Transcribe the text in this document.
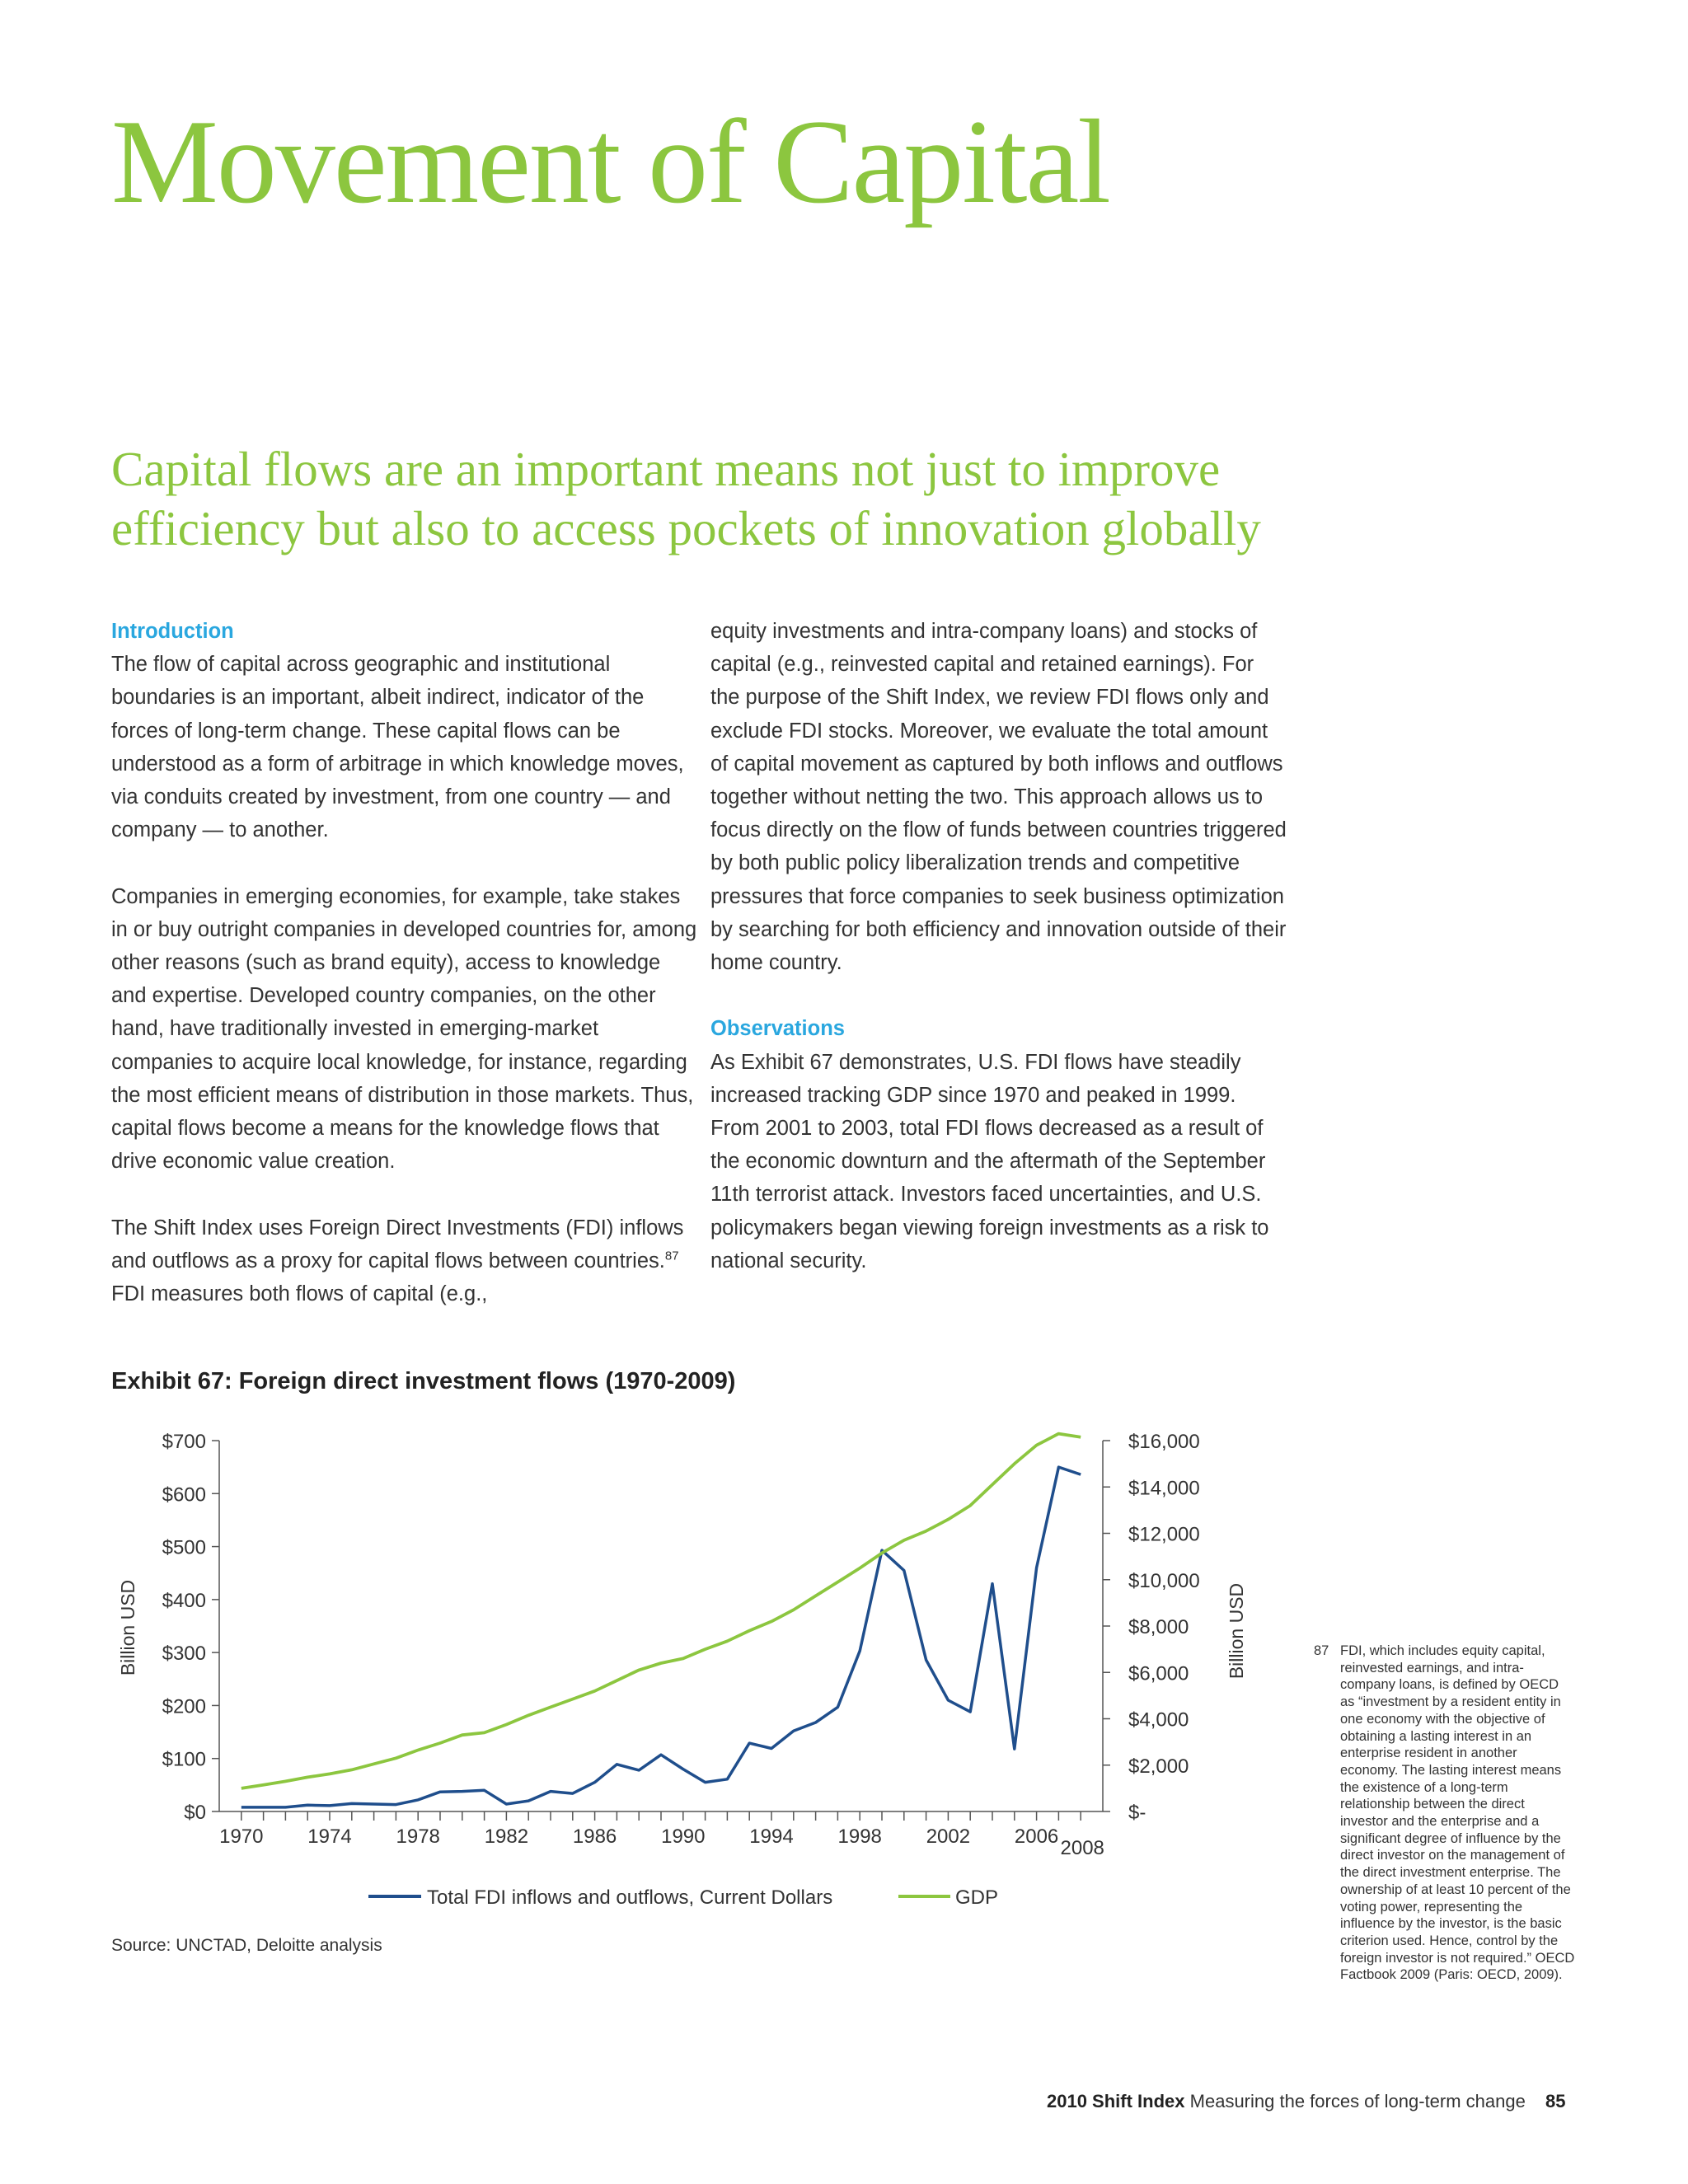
Movement of Capital
Capital flows are an important means not just to improve efficiency but also to access pockets of innovation globally
Introduction

The flow of capital across geographic and institutional boundaries is an important, albeit indirect, indicator of the forces of long-term change. These capital flows can be understood as a form of arbitrage in which knowledge moves, via conduits created by investment, from one country — and company — to another.

Companies in emerging economies, for example, take stakes in or buy outright companies in developed countries for, among other reasons (such as brand equity), access to knowledge and expertise. Developed country companies, on the other hand, have traditionally invested in emerging-market companies to acquire local knowledge, for instance, regarding the most efficient means of distribution in those markets. Thus, capital flows become a means for the knowledge flows that drive economic value creation.

The Shift Index uses Foreign Direct Investments (FDI) inflows and outflows as a proxy for capital flows between countries.$^{87}$ FDI measures both flows of capital (e.g.,

equity investments and intra-company loans) and stocks of capital (e.g., reinvested capital and retained earnings). For the purpose of the Shift Index, we review FDI flows only and exclude FDI stocks. Moreover, we evaluate the total amount of capital movement as captured by both inflows and outflows together without netting the two. This approach allows us to focus directly on the flow of funds between countries triggered by both public policy liberalization trends and competitive pressures that force companies to seek business optimization by searching for both efficiency and innovation outside of their home country.

Observations

As Exhibit 67 demonstrates, U.S. FDI flows have steadily increased tracking GDP since 1970 and peaked in 1999. From 2001 to 2003, total FDI flows decreased as a result of the economic downturn and the aftermath of the September 11th terrorist attack. Investors faced uncertainties, and U.S. policymakers began viewing foreign investments as a risk to national security.

Exhibit 67: Foreign direct investment flows (1970-2009)
$0
$100
$200
$300
$400
$500
$600
$700
$-
$2,000
$4,000
$6,000
$8,000
$10,000
$12,000
$14,000
$16,000
1970 1974 1978 1982 1986 1990 1994 1998 2002 2006
2008
Billion USD	Billion USD
Total FDI inflows and outflows, Current Dollars	GDP
Source: UNCTAD, Deloitte analysis
87 FDI, which includes equity capital, reinvested earnings, and intra-company loans, is defined by OECD as “investment by a resident entity in one economy with the objective of obtaining a lasting interest in an enterprise resident in another economy. The lasting interest means the existence of a long-term relationship between the direct investor and the enterprise and a significant degree of influence by the direct investor on the management of the direct investment enterprise. The ownership of at least 10 percent of the voting power, representing the influence by the investor, is the basic criterion used. Hence, control by the foreign investor is not required.” OECD Factbook 2009 (Paris: OECD, 2009).
2010 Shift Index Measuring the forces of long-term change 85
